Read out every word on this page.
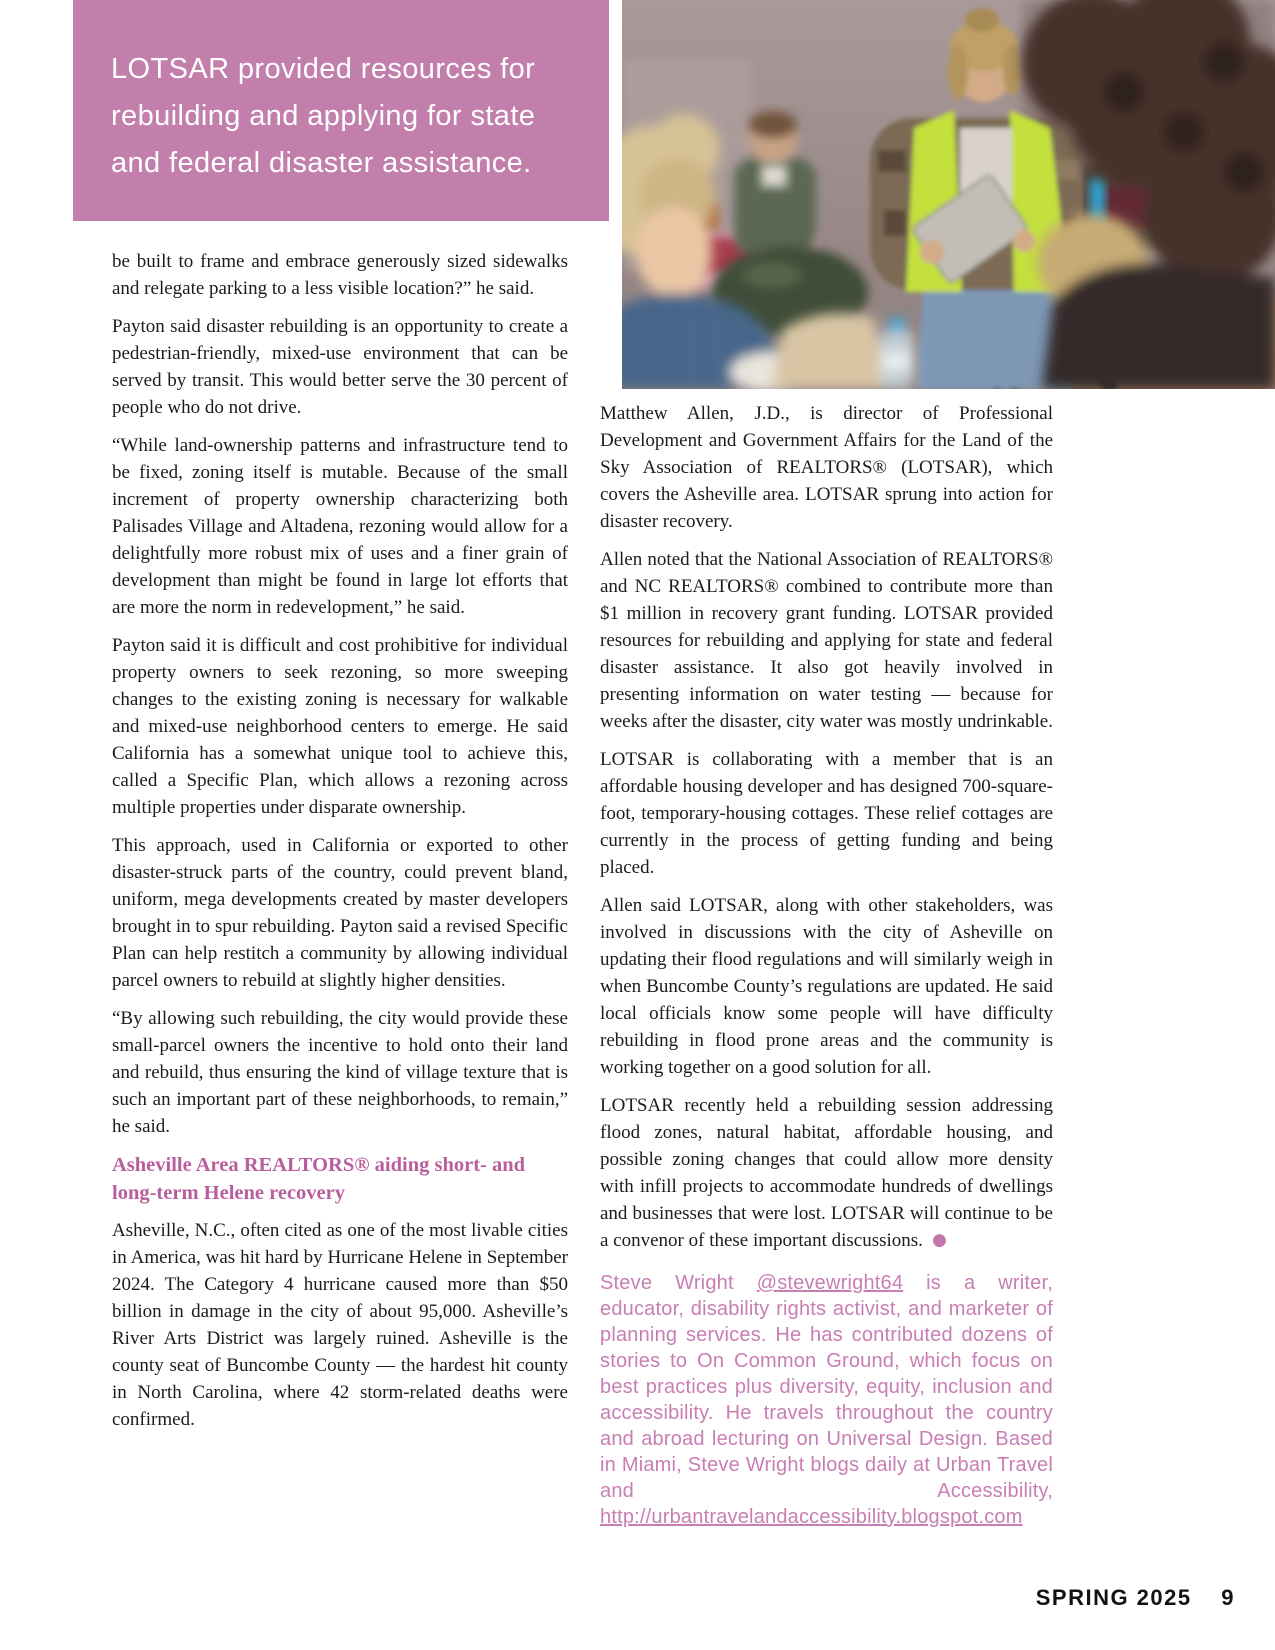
LOTSAR provided resources for rebuilding and applying for state and federal disaster assistance.

be built to frame and embrace generously sized sidewalks and relegate parking to a less visible location?” he said.

Payton said disaster rebuilding is an opportunity to create a pedestrian-friendly, mixed-use environment that can be served by transit. This would better serve the 30 percent of people who do not drive.

“While land-ownership patterns and infrastructure tend to be fixed, zoning itself is mutable. Because of the small increment of property ownership characterizing both Palisades Village and Altadena, rezoning would allow for a delightfully more robust mix of uses and a finer grain of development than might be found in large lot efforts that are more the norm in redevelopment,” he said.

Payton said it is difficult and cost prohibitive for individual property owners to seek rezoning, so more sweeping changes to the existing zoning is necessary for walkable and mixed-use neighborhood centers to emerge. He said California has a somewhat unique tool to achieve this, called a Specific Plan, which allows a rezoning across multiple properties under disparate ownership.

This approach, used in California or exported to other disaster-struck parts of the country, could prevent bland, uniform, mega developments created by master developers brought in to spur rebuilding. Payton said a revised Specific Plan can help restitch a community by allowing individual parcel owners to rebuild at slightly higher densities.

“By allowing such rebuilding, the city would provide these small-parcel owners the incentive to hold onto their land and rebuild, thus ensuring the kind of village texture that is such an important part of these neighborhoods, to remain,” he said.

Asheville Area REALTORS® aiding short- and long-term Helene recovery

Asheville, N.C., often cited as one of the most livable cities in America, was hit hard by Hurricane Helene in September 2024. The Category 4 hurricane caused more than $50 billion in damage in the city of about 95,000. Asheville’s River Arts District was largely ruined. Asheville is the county seat of Buncombe County — the hardest hit county in North Carolina, where 42 storm-related deaths were confirmed.

Matthew Allen, J.D., is director of Professional Development and Government Affairs for the Land of the Sky Association of REALTORS® (LOTSAR), which covers the Asheville area. LOTSAR sprung into action for disaster recovery.

Allen noted that the National Association of REALTORS® and NC REALTORS® combined to contribute more than $1 million in recovery grant funding. LOTSAR provided resources for rebuilding and applying for state and federal disaster assistance. It also got heavily involved in presenting information on water testing — because for weeks after the disaster, city water was mostly undrinkable.

LOTSAR is collaborating with a member that is an affordable housing developer and has designed 700-square-foot, temporary-housing cottages. These relief cottages are currently in the process of getting funding and being placed.

Allen said LOTSAR, along with other stakeholders, was involved in discussions with the city of Asheville on updating their flood regulations and will similarly weigh in when Buncombe County’s regulations are updated. He said local officials know some people will have difficulty rebuilding in flood prone areas and the community is working together on a good solution for all.

LOTSAR recently held a rebuilding session addressing flood zones, natural habitat, affordable housing, and possible zoning changes that could allow more density with infill projects to accommodate hundreds of dwellings and businesses that were lost. LOTSAR will continue to be a convenor of these important discussions. ●

Steve Wright @stevewright64 is a writer, educator, disability rights activist, and marketer of planning services. He has contributed dozens of stories to On Common Ground, which focus on best practices plus diversity, equity, inclusion and accessibility. He travels throughout the country and abroad lecturing on Universal Design. Based in Miami, Steve Wright blogs daily at Urban Travel and Accessibility, http://urbantravelandaccessibility.blogspot.com

SPRING 2025 9
